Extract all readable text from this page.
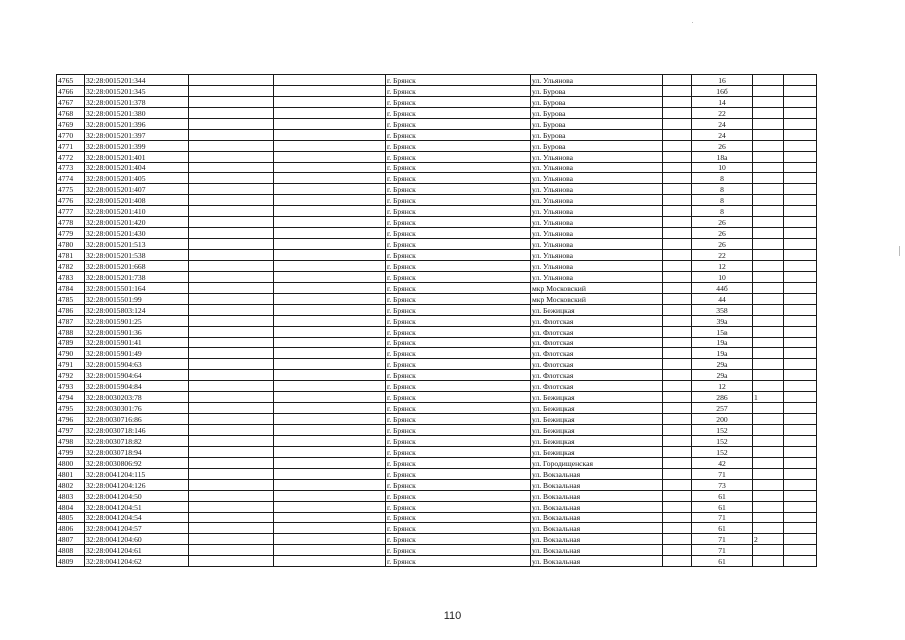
4765	32:28:0015201:344			г. Брянск	ул. Ульянова		16		
4766	32:28:0015201:345			г. Брянск	ул. Бурова		16б		
4767	32:28:0015201:378			г. Брянск	ул. Бурова		14		
4768	32:28:0015201:380			г. Брянск	ул. Бурова		22		
4769	32:28:0015201:396			г. Брянск	ул. Бурова		24		
4770	32:28:0015201:397			г. Брянск	ул. Бурова		24		
4771	32:28:0015201:399			г. Брянск	ул. Бурова		26		
4772	32:28:0015201:401			г. Брянск	ул. Ульянова		18а		
4773	32:28:0015201:404			г. Брянск	ул. Ульянова		10		
4774	32:28:0015201:405			г. Брянск	ул. Ульянова		8		
4775	32:28:0015201:407			г. Брянск	ул. Ульянова		8		
4776	32:28:0015201:408			г. Брянск	ул. Ульянова		8		
4777	32:28:0015201:410			г. Брянск	ул. Ульянова		8		
4778	32:28:0015201:420			г. Брянск	ул. Ульянова		26		
4779	32:28:0015201:430			г. Брянск	ул. Ульянова		26		
4780	32:28:0015201:513			г. Брянск	ул. Ульянова		26		
4781	32:28:0015201:538			г. Брянск	ул. Ульянова		22		
4782	32:28:0015201:668			г. Брянск	ул. Ульянова		12		
4783	32:28:0015201:738			г. Брянск	ул. Ульянова		10		
4784	32:28:0015501:164			г. Брянск	мкр Московский		44б		
4785	32:28:0015501:99			г. Брянск	мкр Московский		44		
4786	32:28:0015803:124			г. Брянск	ул. Бежицкая		358		
4787	32:28:0015901:25			г. Брянск	ул. Флотская		39а		
4788	32:28:0015901:36			г. Брянск	ул. Флотская		15в		
4789	32:28:0015901:41			г. Брянск	ул. Флотская		19а		
4790	32:28:0015901:49			г. Брянск	ул. Флотская		19а		
4791	32:28:0015904:63			г. Брянск	ул. Флотская		29а		
4792	32:28:0015904:64			г. Брянск	ул. Флотская		29а		
4793	32:28:0015904:84			г. Брянск	ул. Флотская		12		
4794	32:28:0030203:78			г. Брянск	ул. Бежицкая		286	1	
4795	32:28:0030301:76			г. Брянск	ул. Бежицкая		257		
4796	32:28:0030716:86			г. Брянск	ул. Бежицкая		200		
4797	32:28:0030718:146			г. Брянск	ул. Бежицкая		152		
4798	32:28:0030718:82			г. Брянск	ул. Бежицкая		152		
4799	32:28:0030718:94			г. Брянск	ул. Бежицкая		152		
4800	32:28:0030806:92			г. Брянск	ул. Городищенская		42		
4801	32:28:0041204:115			г. Брянск	ул. Вокзальная		71		
4802	32:28:0041204:126			г. Брянск	ул. Вокзальная		73		
4803	32:28:0041204:50			г. Брянск	ул. Вокзальная		61		
4804	32:28:0041204:51			г. Брянск	ул. Вокзальная		61		
4805	32:28:0041204:54			г. Брянск	ул. Вокзальная		71		
4806	32:28:0041204:57			г. Брянск	ул. Вокзальная		61		
4807	32:28:0041204:60			г. Брянск	ул. Вокзальная		71	2	
4808	32:28:0041204:61			г. Брянск	ул. Вокзальная		71		
4809	32:28:0041204:62			г. Брянск	ул. Вокзальная		61		
110
